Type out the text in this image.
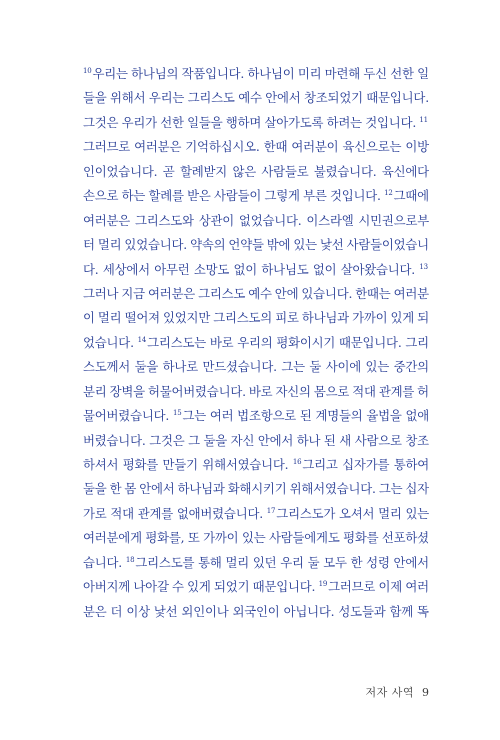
$^{10}$우리는 하나님의 작품입니다. 하나님이 미리 마련해 두신 선한 일
들을 위해서 우리는 그리스도 예수 안에서 창조되었기 때문입니다.
그것은 우리가 선한 일들을 행하며 살아가도록 하려는 것입니다. $^{11}$
그러므로 여러분은 기억하십시오. 한때 여러분이 육신으로는 이방
인이었습니다. 곧 할례받지 않은 사람들로 불렸습니다. 육신에다
손으로 하는 할례를 받은 사람들이 그렇게 부른 것입니다. $^{12}$그때에
여러분은 그리스도와 상관이 없었습니다. 이스라엘 시민권으로부
터 멀리 있었습니다. 약속의 언약들 밖에 있는 낯선 사람들이었습니
다. 세상에서 아무런 소망도 없이 하나님도 없이 살아왔습니다. $^{13}$
그러나 지금 여러분은 그리스도 예수 안에 있습니다. 한때는 여러분
이 멀리 떨어져 있었지만 그리스도의 피로 하나님과 가까이 있게 되
었습니다. $^{14}$그리스도는 바로 우리의 평화이시기 때문입니다. 그리
스도께서 둘을 하나로 만드셨습니다. 그는 둘 사이에 있는 중간의
분리 장벽을 허물어버렸습니다. 바로 자신의 몸으로 적대 관계를 허
물어버렸습니다. $^{15}$그는 여러 법조항으로 된 계명들의 율법을 없애
버렸습니다. 그것은 그 둘을 자신 안에서 하나 된 새 사람으로 창조
하셔서 평화를 만들기 위해서였습니다. $^{16}$그리고 십자가를 통하여
둘을 한 몸 안에서 하나님과 화해시키기 위해서였습니다. 그는 십자
가로 적대 관계를 없애버렸습니다. $^{17}$그리스도가 오셔서 멀리 있는
여러분에게 평화를, 또 가까이 있는 사람들에게도 평화를 선포하셨
습니다. $^{18}$그리스도를 통해 멀리 있던 우리 둘 모두 한 성령 안에서
아버지께 나아갈 수 있게 되었기 때문입니다. $^{19}$그러므로 이제 여러
분은 더 이상 낯선 외인이나 외국인이 아닙니다. 성도들과 함께 똑
저자 사역 9
